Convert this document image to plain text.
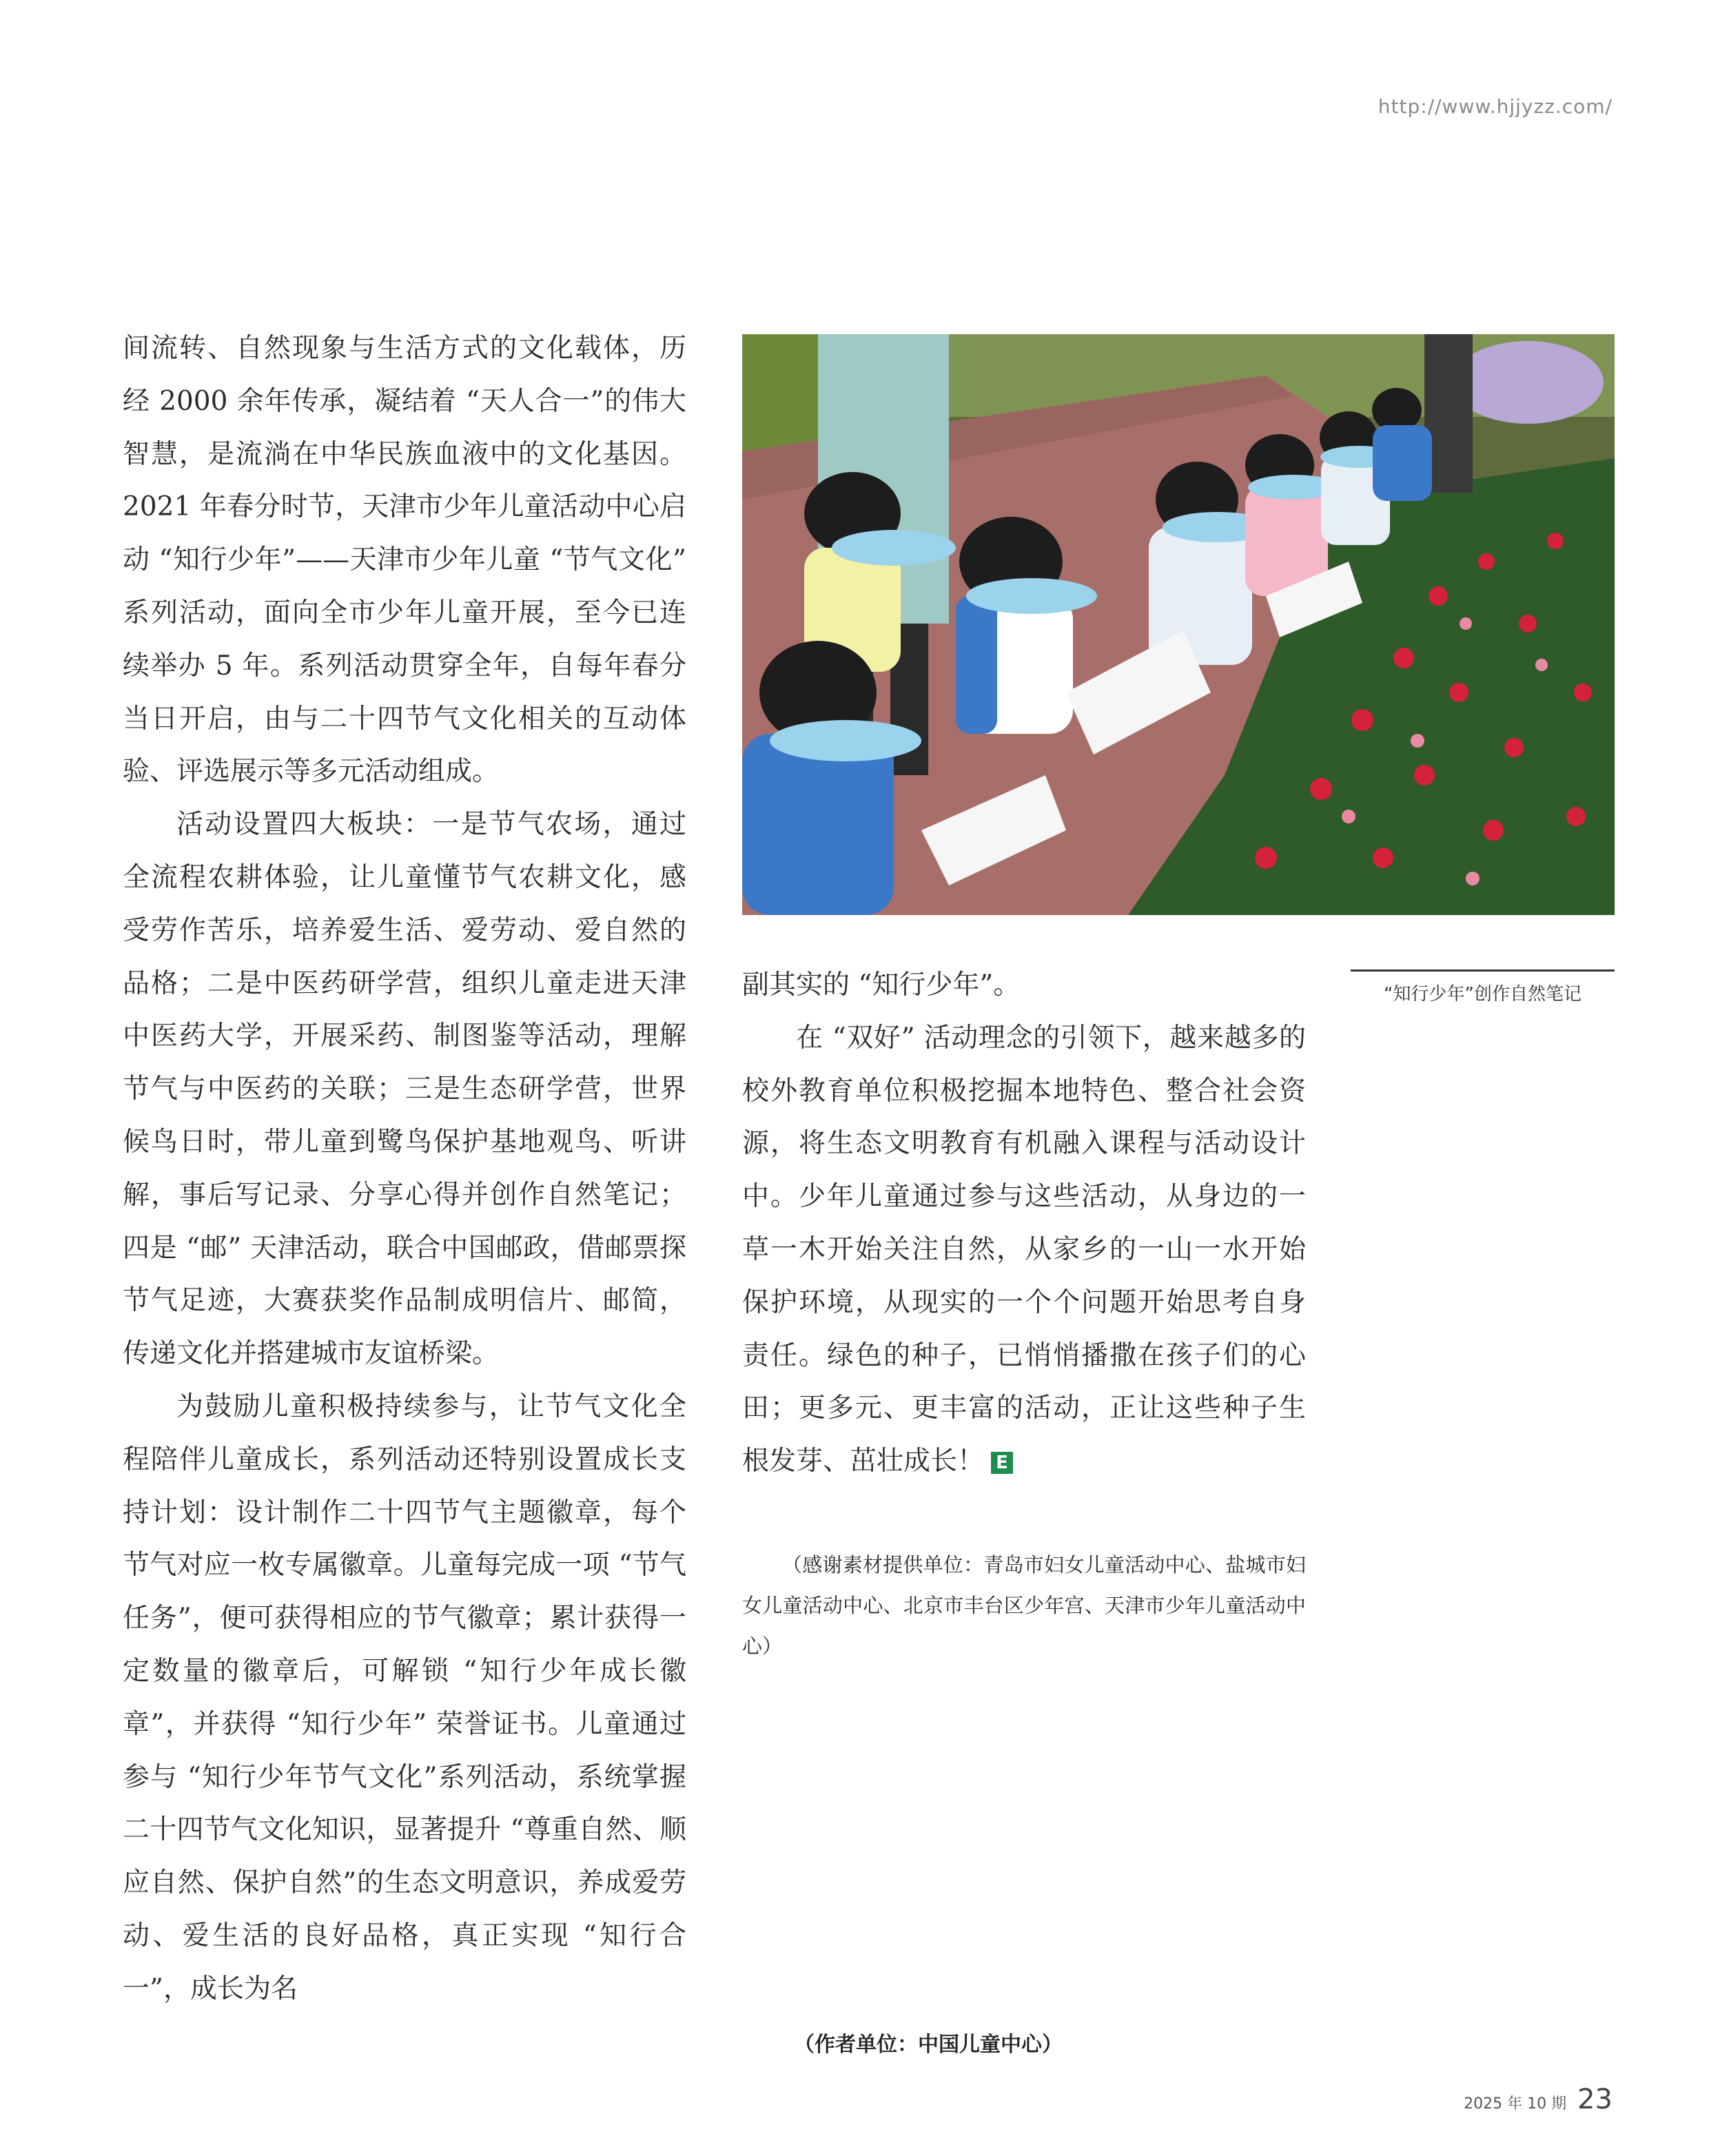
http://www.hjjyzz.com/

间流转、自然现象与生活方式的文化载体，历经 2000 余年传承，凝结着 “天人合一”的伟大智慧，是流淌在中华民族血液中的文化基因。2021 年春分时节，天津市少年儿童活动中心启动 “知行少年”——天津市少年儿童 “节气文化” 系列活动，面向全市少年儿童开展，至今已连续举办 5 年。系列活动贯穿全年，自每年春分当日开启，由与二十四节气文化相关的互动体验、评选展示等多元活动组成。

活动设置四大板块：一是节气农场，通过全流程农耕体验，让儿童懂节气农耕文化，感受劳作苦乐，培养爱生活、爱劳动、爱自然的品格；二是中医药研学营，组织儿童走进天津中医药大学，开展采药、制图鉴等活动，理解节气与中医药的关联；三是生态研学营，世界候鸟日时，带儿童到鹭鸟保护基地观鸟、听讲解，事后写记录、分享心得并创作自然笔记；四是 “邮” 天津活动，联合中国邮政，借邮票探节气足迹，大赛获奖作品制成明信片、邮简，传递文化并搭建城市友谊桥梁。

为鼓励儿童积极持续参与，让节气文化全程陪伴儿童成长，系列活动还特别设置成长支持计划：设计制作二十四节气主题徽章，每个节气对应一枚专属徽章。儿童每完成一项 “节气任务”，便可获得相应的节气徽章；累计获得一定数量的徽章后，可解锁 “知行少年成长徽章”，并获得 “知行少年” 荣誉证书。儿童通过参与 “知行少年节气文化”系列活动，系统掌握二十四节气文化知识，显著提升 “尊重自然、顺应自然、保护自然”的生态文明意识，养成爱劳动、爱生活的良好品格，真正实现 “知行合一”，成长为名

“知行少年”创作自然笔记

副其实的 “知行少年”。

在 “双好” 活动理念的引领下，越来越多的校外教育单位积极挖掘本地特色、整合社会资源，将生态文明教育有机融入课程与活动设计中。少年儿童通过参与这些活动，从身边的一草一木开始关注自然，从家乡的一山一水开始保护环境，从现实的一个个问题开始思考自身责任。绿色的种子，已悄悄播撒在孩子们的心田；更多元、更丰富的活动，正让这些种子生根发芽、茁壮成长！ E

（感谢素材提供单位：青岛市妇女儿童活动中心、盐城市妇女儿童活动中心、北京市丰台区少年宫、天津市少年儿童活动中心）
（作者单位：中国儿童中心）
2025 年 10 期 23
